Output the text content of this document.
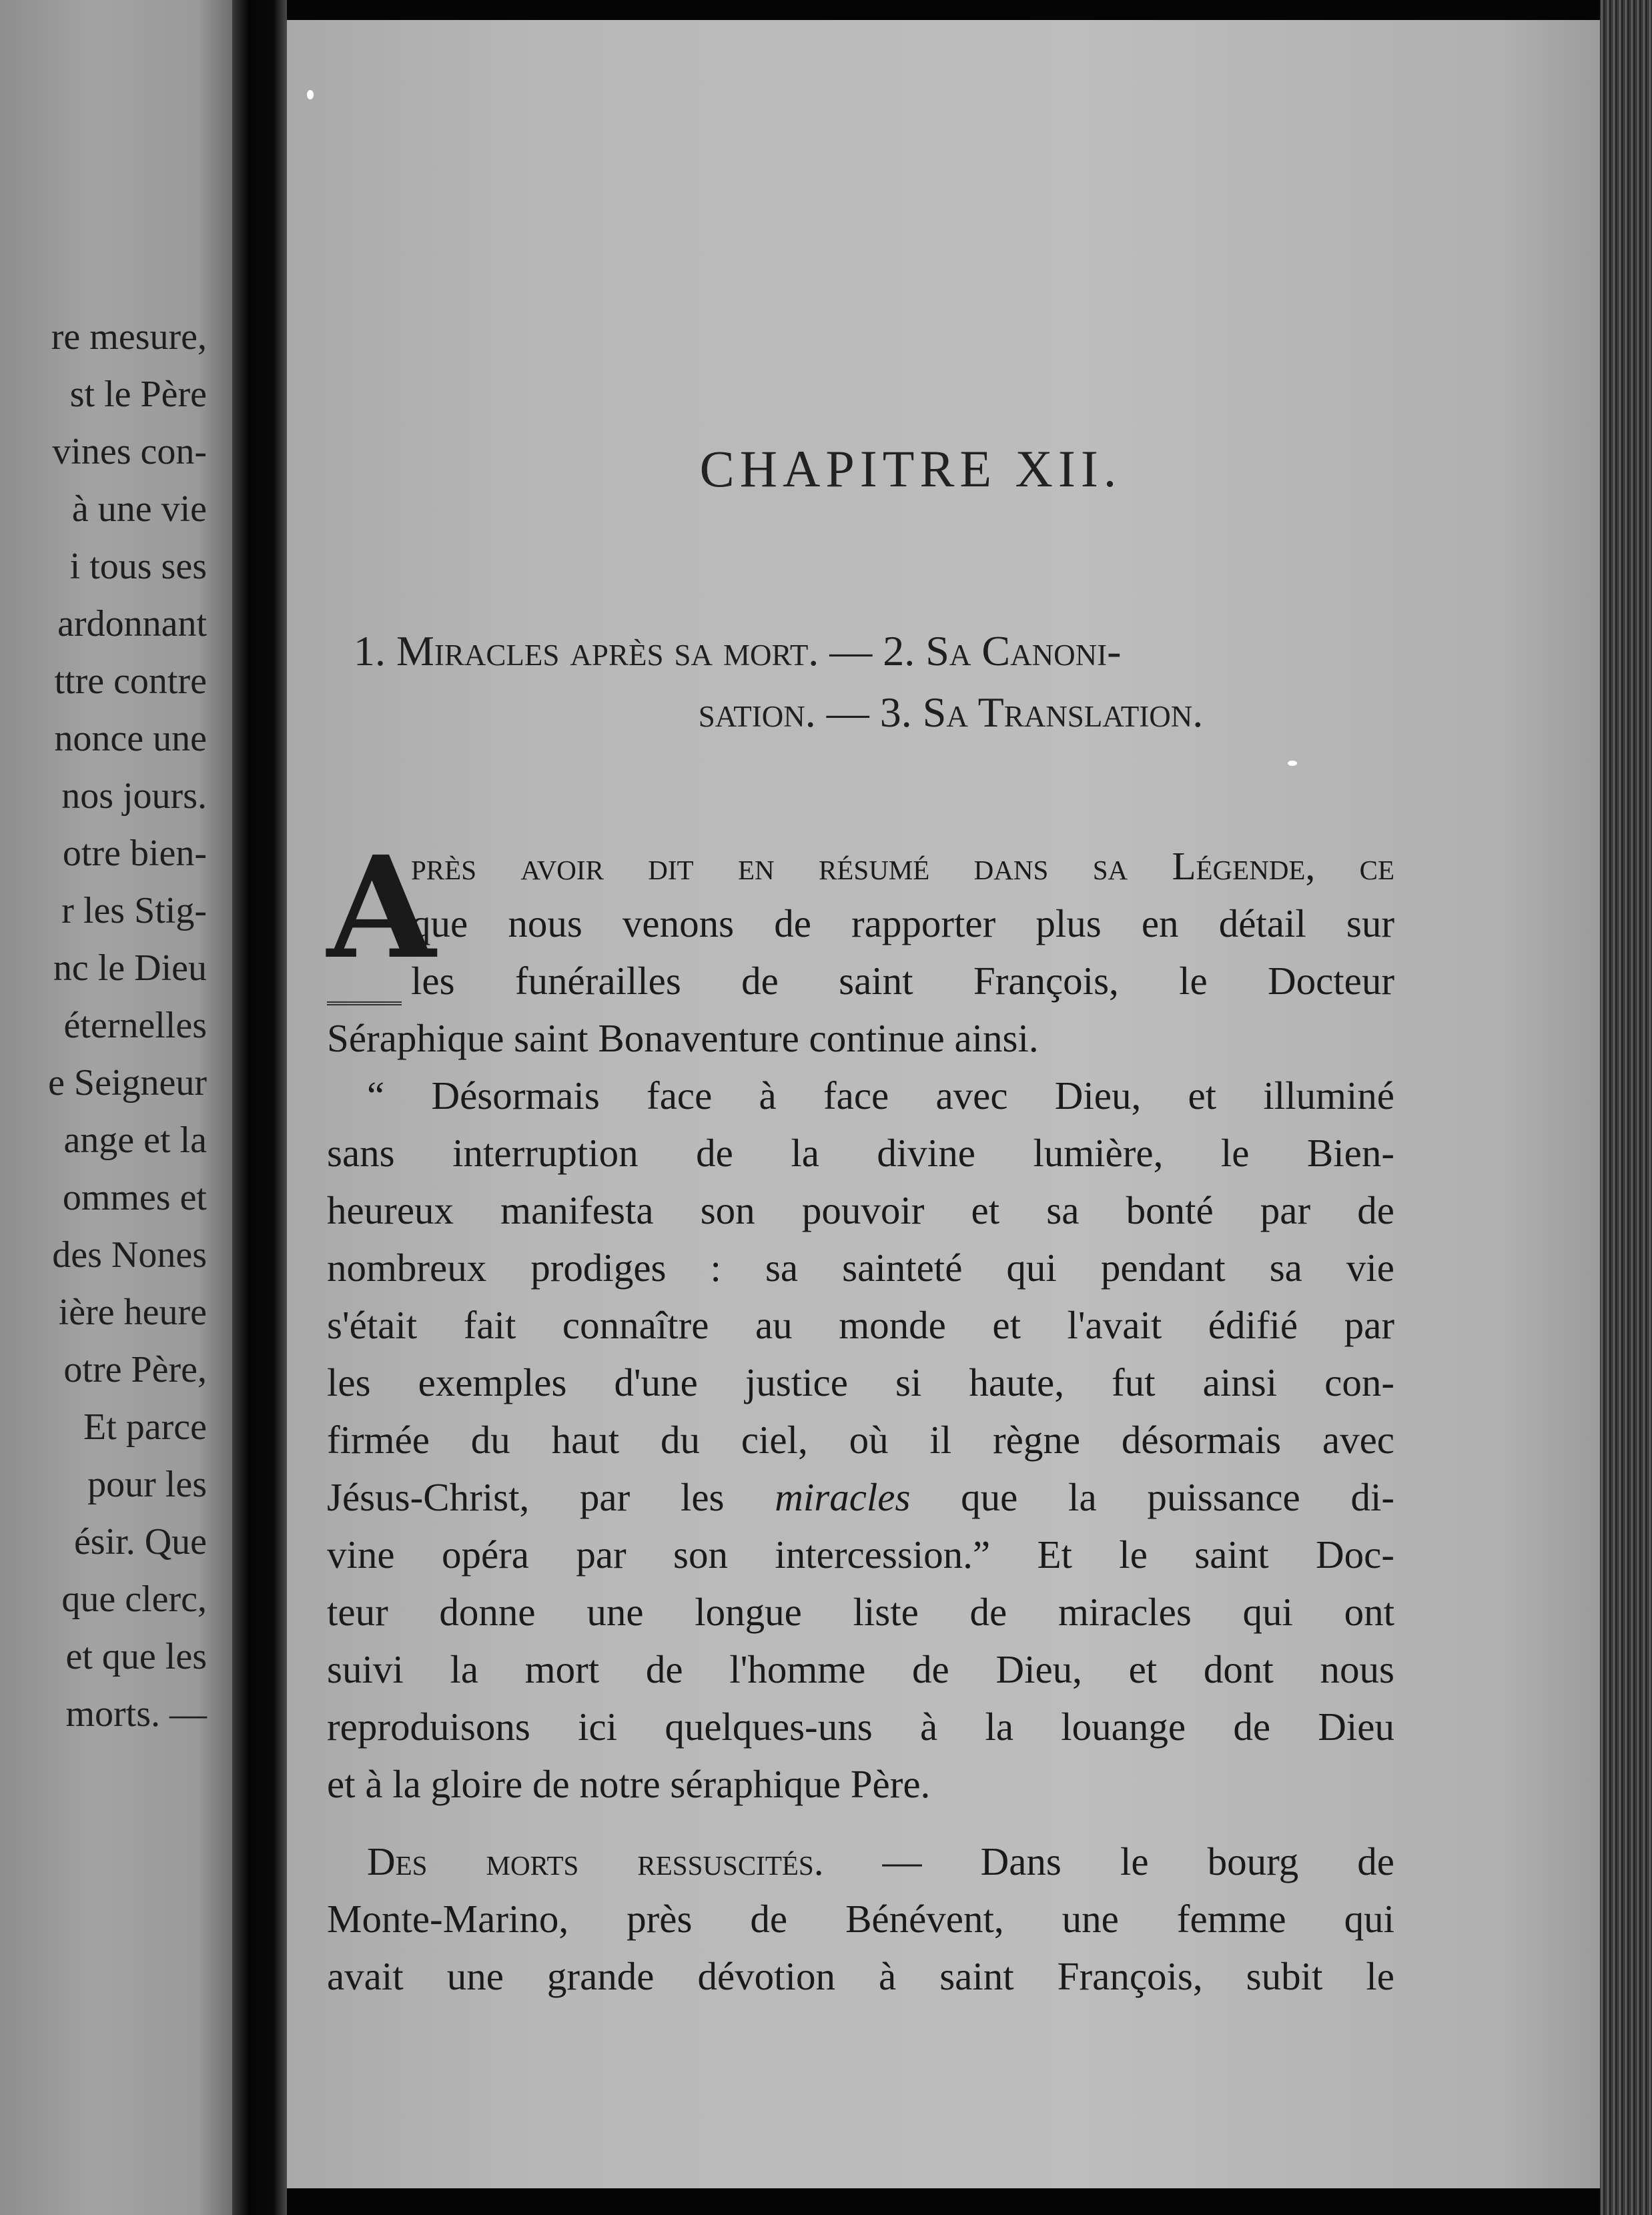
re mesure,
st le Père
vines con-
à une vie
i tous ses
ardonnant
ttre contre
nonce une
nos jours.
otre bien-
r les Stig-
nc le Dieu
éternelles
e Seigneur
ange et la
ommes et
des Nones
ière heure
otre Père,
Et parce
pour les
ésir. Que
que clerc,
et que les
morts. —
CHAPITRE XII.
1. Miracles après sa mort. — 2. Sa Canoni-
sation. — 3. Sa Translation.
A
près avoir dit en résumé dans sa Légende, ce
que nous venons de rapporter plus en détail sur
les funérailles de saint François, le Docteur
Séraphique saint Bonaventure continue ainsi.
“ Désormais face à face avec Dieu, et illuminé
sans interruption de la divine lumière, le Bien-
heureux manifesta son pouvoir et sa bonté par de
nombreux prodiges : sa sainteté qui pendant sa vie
s'était fait connaître au monde et l'avait édifié par
les exemples d'une justice si haute, fut ainsi con-
firmée du haut du ciel, où il règne désormais avec
Jésus-Christ, par les miracles que la puissance di-
vine opéra par son intercession.” Et le saint Doc-
teur donne une longue liste de miracles qui ont
suivi la mort de l'homme de Dieu, et dont nous
reproduisons ici quelques-uns à la louange de Dieu
et à la gloire de notre séraphique Père.
Des morts ressuscités. — Dans le bourg de
Monte-Marino, près de Bénévent, une femme qui
avait une grande dévotion à saint François, subit le
